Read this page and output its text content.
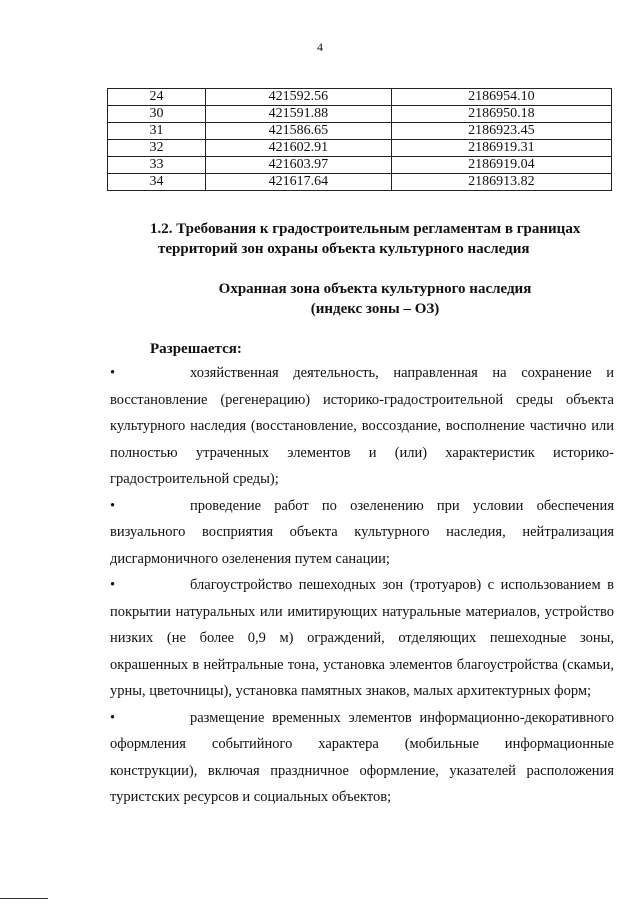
4
24	421592.56	2186954.10
30	421591.88	2186950.18
31	421586.65	2186923.45
32	421602.91	2186919.31
33	421603.97	2186919.04
34	421617.64	2186913.82
1.2. Требования к градостроительным регламентам в границах
территорий зон охраны объекта культурного наследия
Охранная зона объекта культурного наследия
(индекс зоны – ОЗ)
Разрешается:
•	хозяйственная деятельность, направленная на сохранение и восстановление (регенерацию) историко-градостроительной среды объекта культурного наследия (восстановление, воссоздание, восполнение частично или полностью утраченных элементов и (или) характеристик историко-градостроительной среды);
•	проведение работ по озеленению при условии обеспечения визуального восприятия объекта культурного наследия, нейтрализация дисгармоничного озеленения путем санации;
•	благоустройство пешеходных зон (тротуаров) с использованием в покрытии натуральных или имитирующих натуральные материалов, устройство низких (не более 0,9 м) ограждений, отделяющих пешеходные зоны, окрашенных в нейтральные тона, установка элементов благоустройства (скамьи, урны, цветочницы), установка памятных знаков, малых архитектурных форм;
•	размещение временных элементов информационно-декоративного оформления событийного характера (мобильные информационные конструкции), включая праздничное оформление, указателей расположения туристских ресурсов и социальных объектов;
